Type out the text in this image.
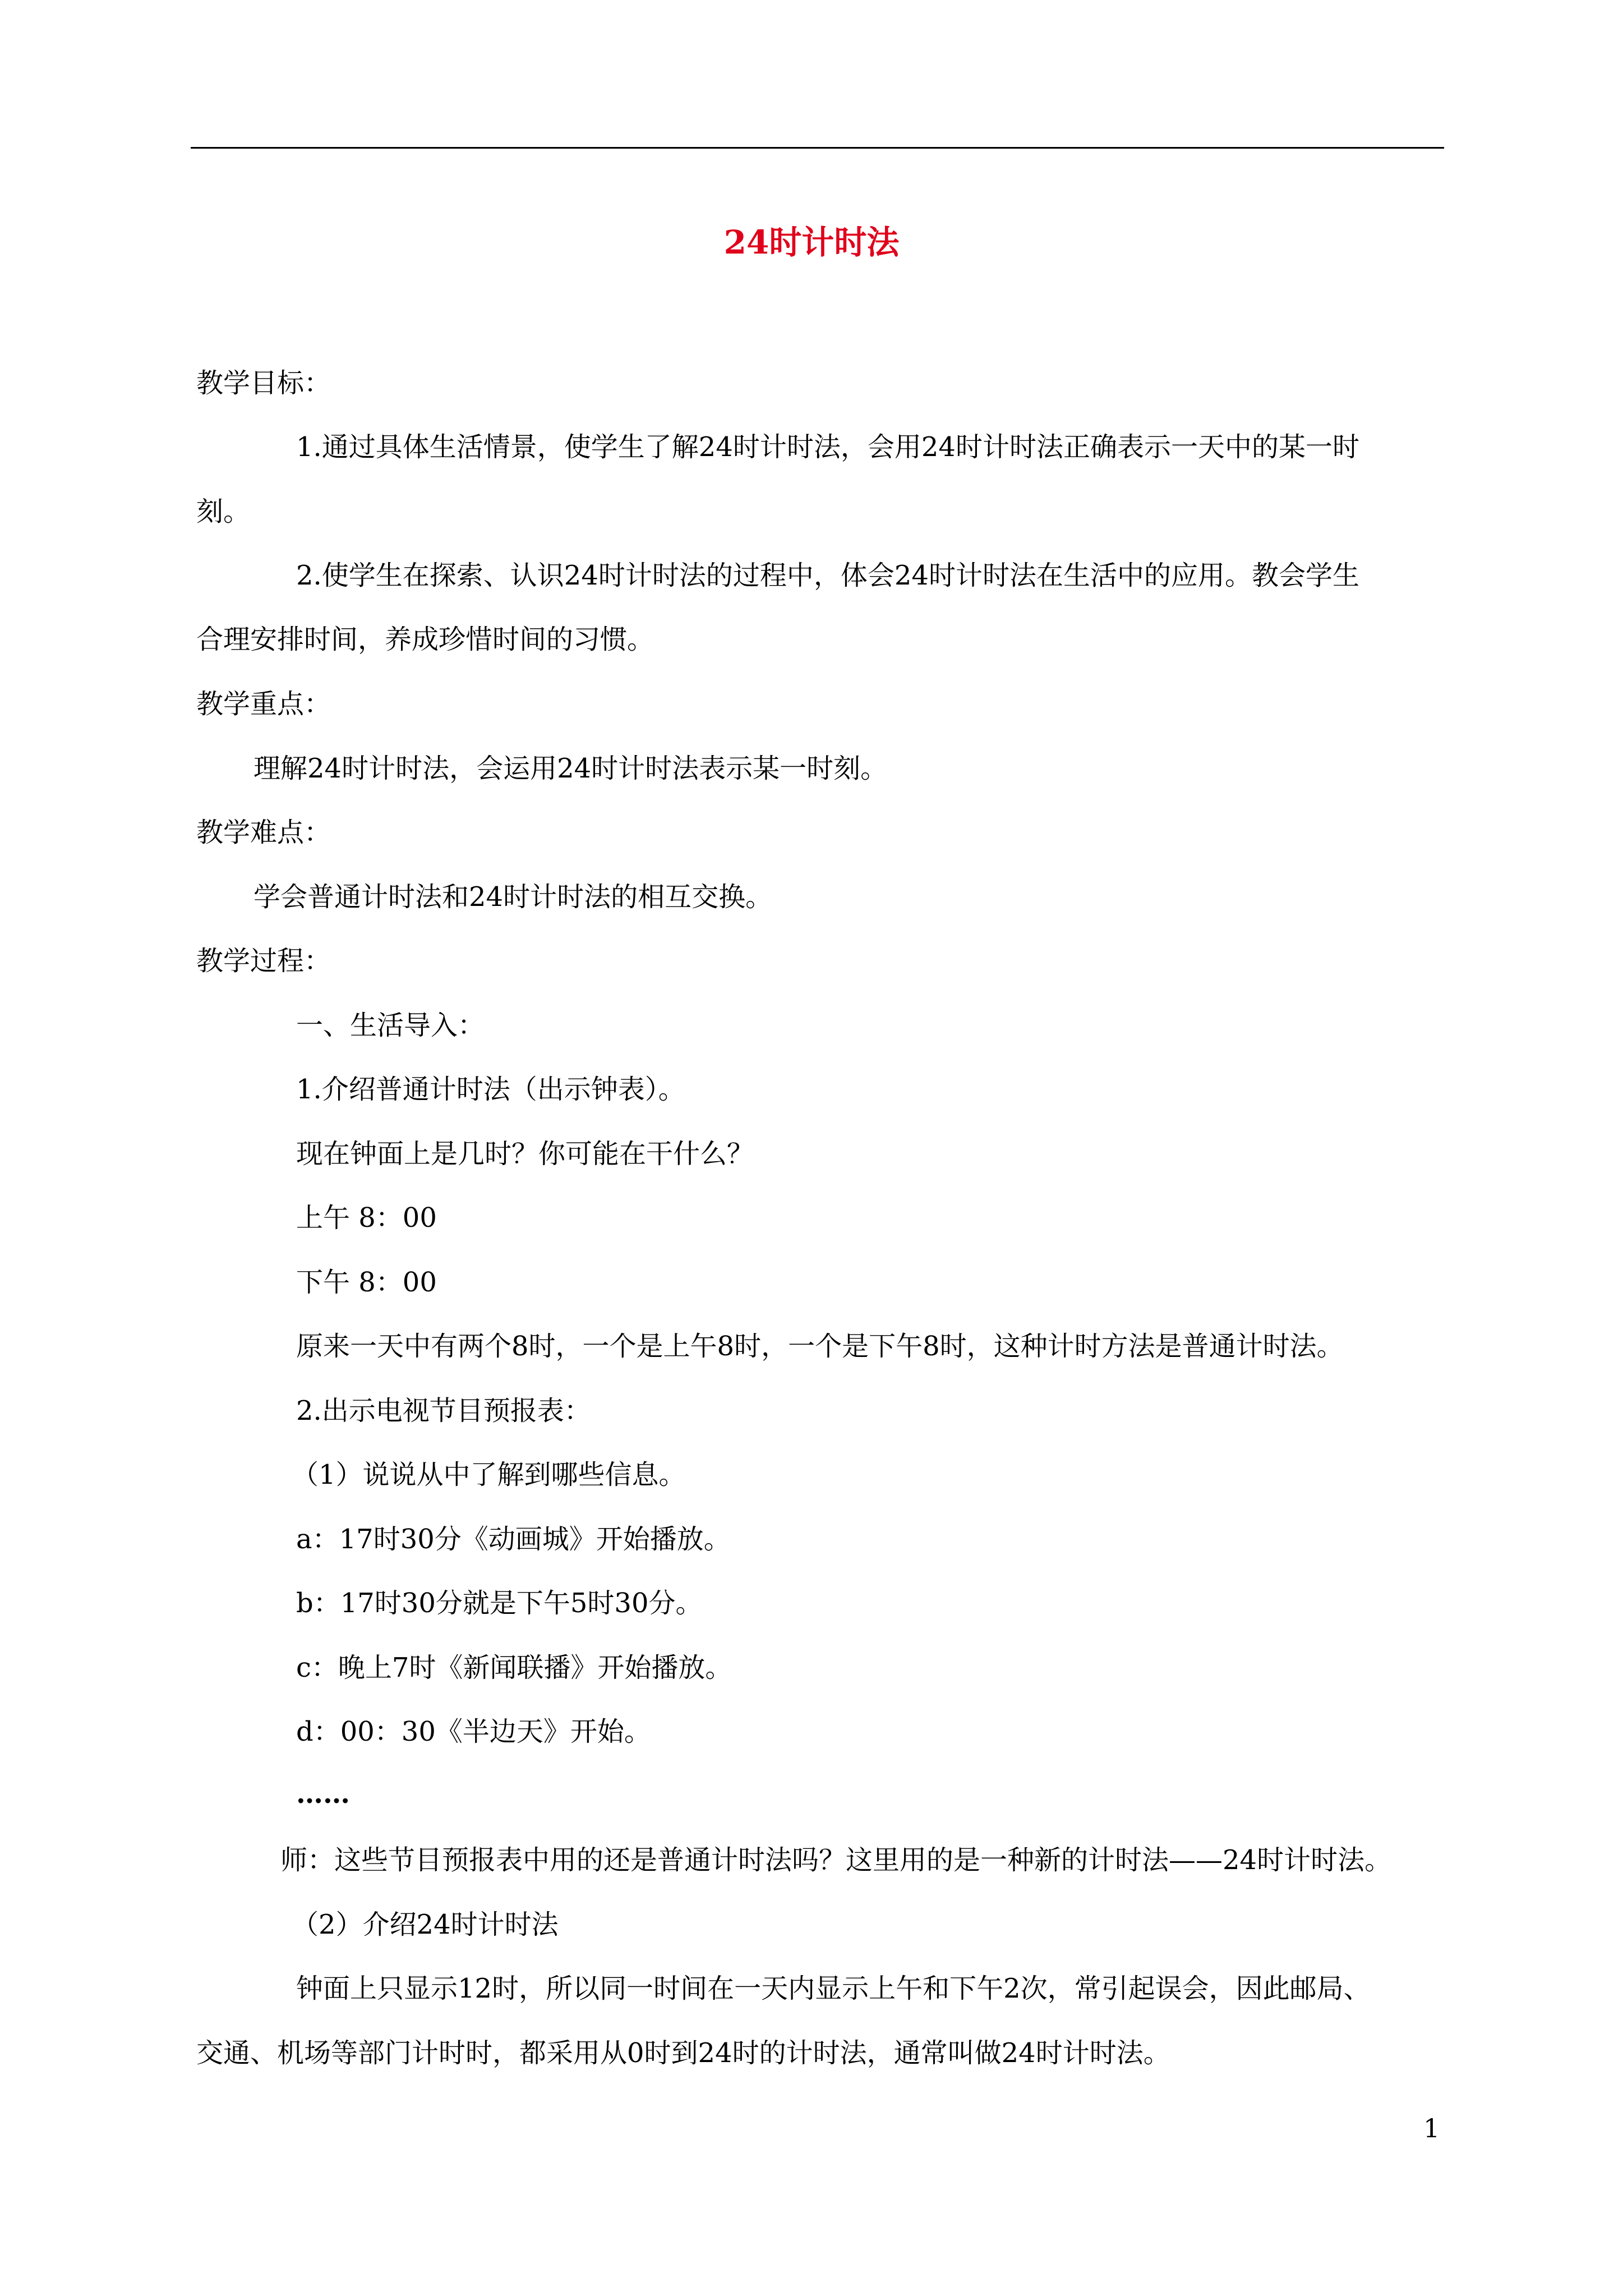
24时计时法
教学目标：
1.通过具体生活情景，使学生了解24时计时法，会用24时计时法正确表示一天中的某一时
刻。
2.使学生在探索、认识24时计时法的过程中，体会24时计时法在生活中的应用。教会学生
合理安排时间，养成珍惜时间的习惯。
教学重点：
理解24时计时法，会运用24时计时法表示某一时刻。
教学难点：
学会普通计时法和24时计时法的相互交换。
教学过程：
一、生活导入：
1.介绍普通计时法（出示钟表）。
现在钟面上是几时？你可能在干什么？
上午 8：00
下午 8：00
原来一天中有两个8时，一个是上午8时，一个是下午8时，这种计时方法是普通计时法。
2.出示电视节目预报表：
（1）说说从中了解到哪些信息。
a：17时30分《动画城》开始播放。
b：17时30分就是下午5时30分。
c：晚上7时《新闻联播》开始播放。
d：00：30《半边天》开始。
……
师：这些节目预报表中用的还是普通计时法吗？这里用的是一种新的计时法——24时计时法。
（2）介绍24时计时法
钟面上只显示12时，所以同一时间在一天内显示上午和下午2次，常引起误会，因此邮局、
交通、机场等部门计时时，都采用从0时到24时的计时法，通常叫做24时计时法。
1
